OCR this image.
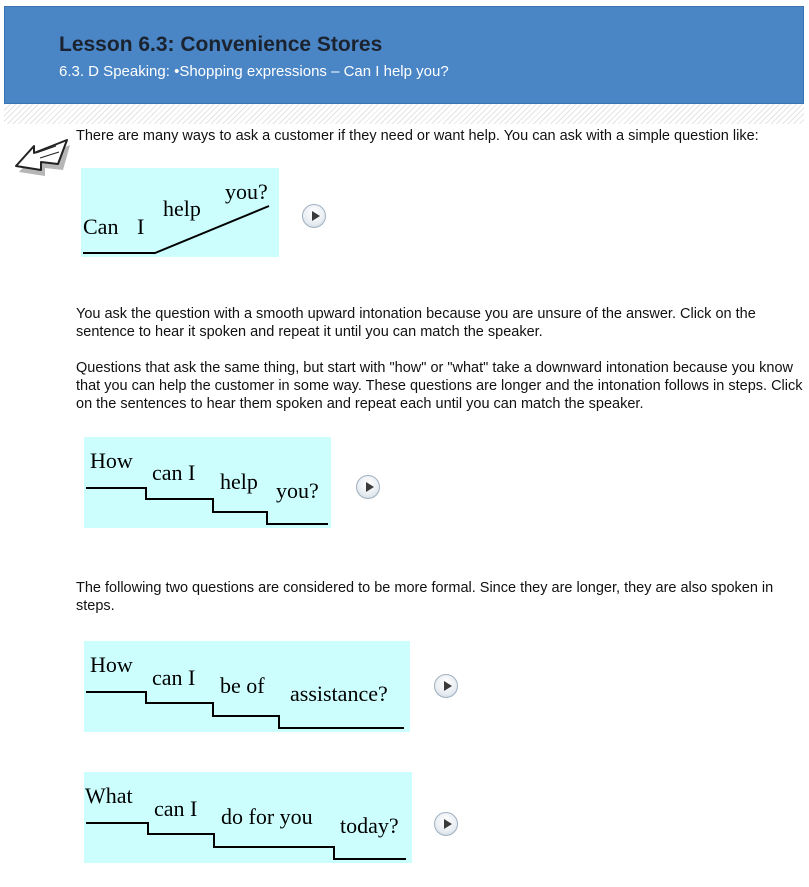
Lesson 6.3: Convenience Stores
6.3. D Speaking: •Shopping expressions – Can I help you?
There are many ways to ask a customer if they need or want help. You can ask with a simple question like:
Can I
help
you?
You ask the question with a smooth upward intonation because you are unsure of the answer. Click on the sentence to hear it spoken and repeat it until you can match the speaker.
Questions that ask the same thing, but start with "how" or "what" take a downward intonation because you know that you can help the customer in some way. These questions are longer and the intonation follows in steps. Click on the sentences to hear them spoken and repeat each until you can match the speaker.
How can I help you?
The following two questions are considered to be more formal. Since they are longer, they are also spoken in steps.
How
can I be of assistance?
What
can I do for you today?
